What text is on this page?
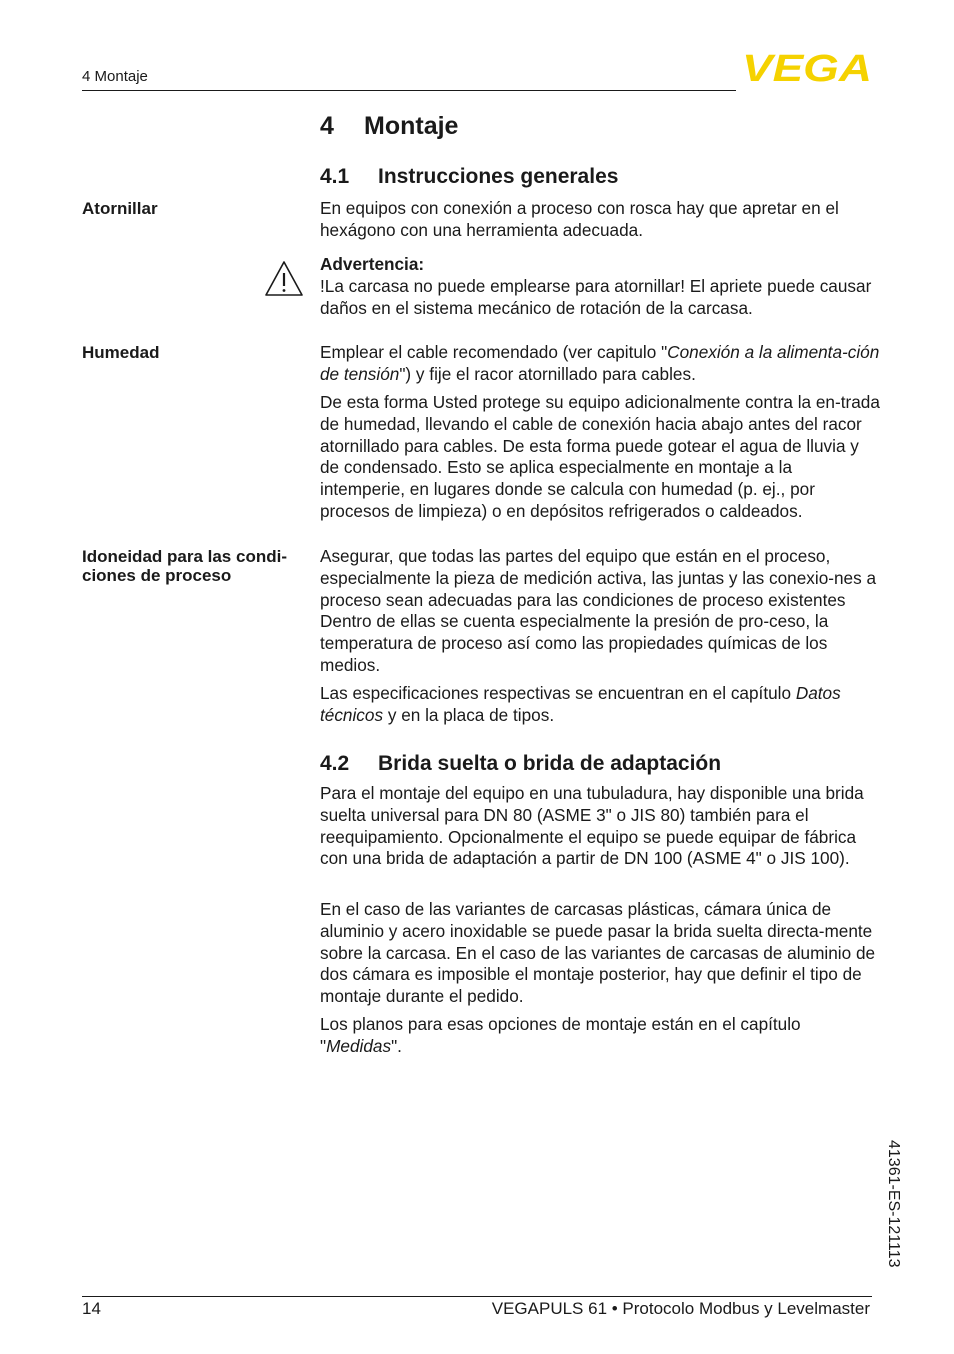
4 Montaje	VEGA
4 Montaje
4.1 Instrucciones generales
Atornillar	En equipos con conexión a proceso con rosca hay que apretar en el hexágono con una herramienta adecuada.

Advertencia:
!La carcasa no puede emplearse para atornillar! El apriete puede causar daños en el sistema mecánico de rotación de la carcasa.
Humedad	Emplear el cable recomendado (ver capitulo "Conexión a la alimenta-ción de tensión") y fije el racor atornillado para cables.

De esta forma Usted protege su equipo adicionalmente contra la en-trada de humedad, llevando el cable de conexión hacia abajo antes del racor atornillado para cables. De esta forma puede gotear el agua de lluvia y de condensado. Esto se aplica especialmente en montaje a la intemperie, en lugares donde se calcula con humedad (p. ej., por procesos de limpieza) o en depósitos refrigerados o caldeados.

Idoneidad para las condi-
ciones de proceso

Asegurar, que todas las partes del equipo que están en el proceso, especialmente la pieza de medición activa, las juntas y las conexio-nes a proceso sean adecuadas para las condiciones de proceso existentes Dentro de ellas se cuenta especialmente la presión de pro-ceso, la temperatura de proceso así como las propiedades químicas de los medios.

Las especificaciones respectivas se encuentran en el capítulo Datos técnicos y en la placa de tipos.

4.2 Brida suelta o brida de adaptación

Para el montaje del equipo en una tubuladura, hay disponible una brida suelta universal para DN 80 (ASME 3" o JIS 80) también para el reequipamiento. Opcionalmente el equipo se puede equipar de fábrica con una brida de adaptación a partir de DN 100 (ASME 4" o JIS 100).

En el caso de las variantes de carcasas plásticas, cámara única de aluminio y acero inoxidable se puede pasar la brida suelta directa-mente sobre la carcasa. En el caso de las variantes de carcasas de aluminio de dos cámara es imposible el montaje posterior, hay que definir el tipo de montaje durante el pedido.

Los planos para esas opciones de montaje están en el capítulo "Medidas".

41361-ES-121113
14	VEGAPULS 61 • Protocolo Modbus y Levelmaster
